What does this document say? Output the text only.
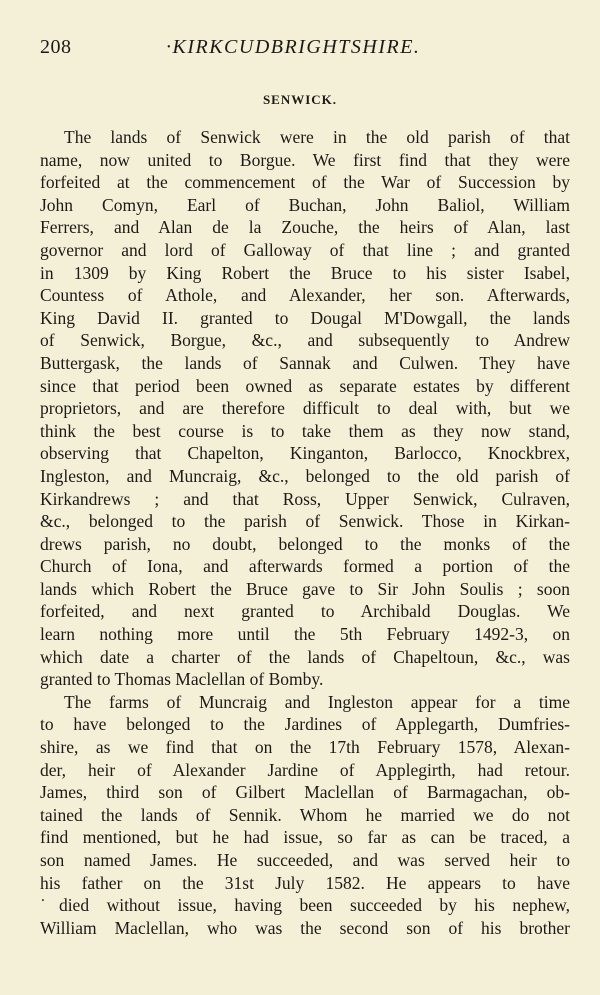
208	·KIRKCUDBRIGHTSHIRE.
SENWICK.
The lands of Senwick were in the old parish of that
name, now united to Borgue. We first find that they were
forfeited at the commencement of the War of Succession by
John Comyn, Earl of Buchan, John Baliol, William
Ferrers, and Alan de la Zouche, the heirs of Alan, last
governor and lord of Galloway of that line ; and granted
in 1309 by King Robert the Bruce to his sister Isabel,
Countess of Athole, and Alexander, her son. Afterwards,
King David II. granted to Dougal M'Dowgall, the lands
of Senwick, Borgue, &c., and subsequently to Andrew
Buttergask, the lands of Sannak and Culwen. They have
since that period been owned as separate estates by different
proprietors, and are therefore difficult to deal with, but we
think the best course is to take them as they now stand,
observing that Chapelton, Kinganton, Barlocco, Knockbrex,
Ingleston, and Muncraig, &c., belonged to the old parish of
Kirkandrews ; and that Ross, Upper Senwick, Culraven,
&c., belonged to the parish of Senwick. Those in Kirkan-
drews parish, no doubt, belonged to the monks of the
Church of Iona, and afterwards formed a portion of the
lands which Robert the Bruce gave to Sir John Soulis ; soon
forfeited, and next granted to Archibald Douglas. We
learn nothing more until the 5th February 1492-3, on
which date a charter of the lands of Chapeltoun, &c., was
granted to Thomas Maclellan of Bomby.
The farms of Muncraig and Ingleston appear for a time
to have belonged to the Jardines of Applegarth, Dumfries-
shire, as we find that on the 17th February 1578, Alexan-
der, heir of Alexander Jardine of Applegirth, had retour.
James, third son of Gilbert Maclellan of Barmagachan, ob-
tained the lands of Sennik. Whom he married we do not
find mentioned, but he had issue, so far as can be traced, a
son named James. He succeeded, and was served heir to
his father on the 31st July 1582. He appears to have
˙died without issue, having been succeeded by his nephew,
William Maclellan, who was the second son of his brother
